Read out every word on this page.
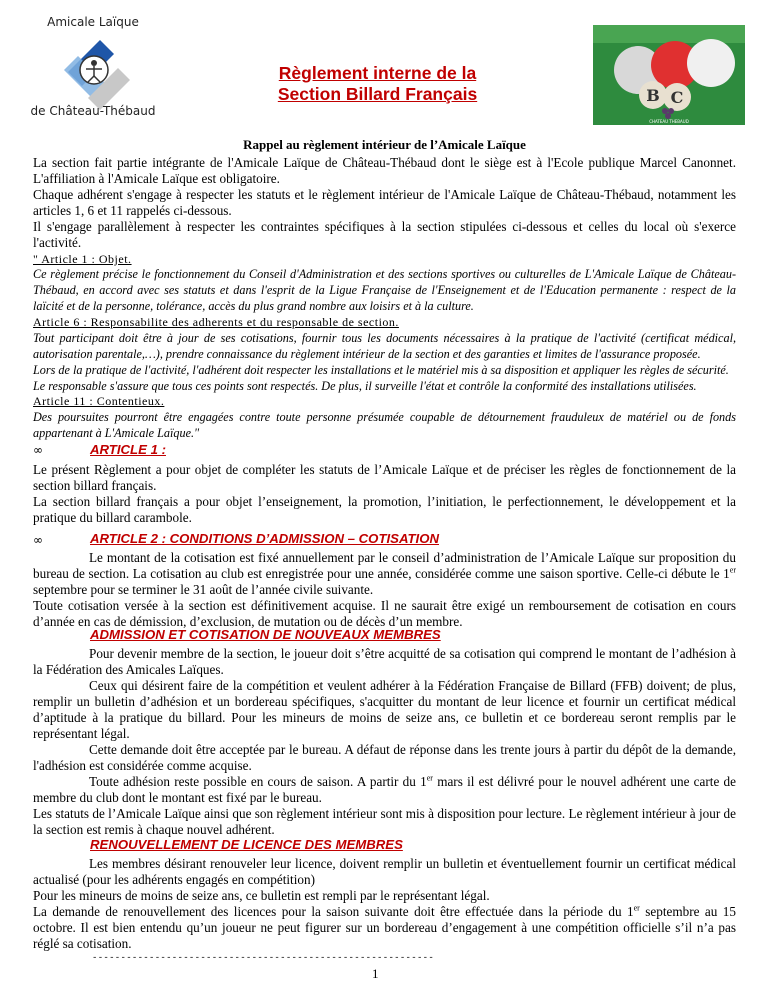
Amicale Laïque
de Château-Thébaud
Règlement interne de la
Section Billard Français	B C
CHATEAU THEBAUD
Rappel au règlement intérieur de l’Amicale Laïque
La section fait partie intégrante de l'Amicale Laïque de Château-Thébaud dont le siège est à l'Ecole publique Marcel Canonnet. L'affiliation à l'Amicale Laïque est obligatoire.
Chaque adhérent s'engage à respecter les statuts et le règlement intérieur de l'Amicale Laïque de Château-Thébaud, notamment les articles 1, 6 et 11 rappelés ci-dessous.
Il s'engage parallèlement à respecter les contraintes spécifiques à la section stipulées ci-dessous et celles du local où s'exerce l'activité.
" Article 1 : Objet.
Ce règlement précise le fonctionnement du Conseil d'Administration et des sections sportives ou culturelles de L'Amicale Laïque de Château-Thébaud, en accord avec ses statuts et dans l'esprit de la Ligue Française de l'Enseignement et de l'Education permanente : respect de la laïcité et de la personne, tolérance, accès du plus grand nombre aux loisirs et à la culture.
Article 6 : Responsabilite des adherents et du responsable de section.
Tout participant doit être à jour de ses cotisations, fournir tous les documents nécessaires à la pratique de l'activité (certificat médical, autorisation parentale,…), prendre connaissance du règlement intérieur de la section et des garanties et limites de l'assurance proposée.
Lors de la pratique de l'activité, l'adhérent doit respecter les installations et le matériel mis à sa disposition et appliquer les règles de sécurité.
Le responsable s'assure que tous ces points sont respectés. De plus, il surveille l'état et contrôle la conformité des installations utilisées.
Article 11 : Contentieux.
Des poursuites pourront être engagées contre toute personne présumée coupable de détournement frauduleux de matériel ou de fonds appartenant à L'Amicale Laïque."
∞	ARTICLE 1 :
Le présent Règlement a pour objet de compléter les statuts de l’Amicale Laïque et de préciser les règles de fonctionnement de la section billard français.
La section billard français a pour objet l’enseignement, la promotion, l’initiation, le perfectionnement, le développement et la pratique du billard carambole.
∞	ARTICLE 2 : CONDITIONS D’ADMISSION – COTISATION
Le montant de la cotisation est fixé annuellement par le conseil d’administration de l’Amicale Laïque sur proposition du bureau de section. La cotisation au club est enregistrée pour une année, considérée comme une saison sportive. Celle-ci débute le 1er septembre pour se terminer le 31 août de l’année civile suivante.
Toute cotisation versée à la section est définitivement acquise. Il ne saurait être exigé un remboursement de cotisation en cours d’année en cas de démission, d’exclusion, de mutation ou de décès d’un membre.
ADMISSION ET COTISATION DE NOUVEAUX MEMBRES
Pour devenir membre de la section, le joueur doit s’être acquitté de sa cotisation qui comprend le montant de l’adhésion à la Fédération des Amicales Laïques.
Ceux qui désirent faire de la compétition et veulent adhérer à la Fédération Française de Billard (FFB) doivent; de plus, remplir un bulletin d’adhésion et un bordereau spécifiques, s'acquitter du montant de leur licence et fournir un certificat médical d’aptitude à la pratique du billard. Pour les mineurs de moins de seize ans, ce bulletin et ce bordereau seront remplis par le représentant légal.
Cette demande doit être acceptée par le bureau. A défaut de réponse dans les trente jours à partir du dépôt de la demande, l'adhésion est considérée comme acquise.
Toute adhésion reste possible en cours de saison. A partir du 1er mars il est délivré pour le nouvel adhérent une carte de membre du club dont le montant est fixé par le bureau.
Les statuts de l’Amicale Laïque ainsi que son règlement intérieur sont mis à disposition pour lecture. Le règlement intérieur à jour de la section est remis à chaque nouvel adhérent.
RENOUVELLEMENT DE LICENCE DES MEMBRES
Les membres désirant renouveler leur licence, doivent remplir un bulletin et éventuellement fournir un certificat médical actualisé (pour les adhérents engagés en compétition)
Pour les mineurs de moins de seize ans, ce bulletin est rempli par le représentant légal.
La demande de renouvellement des licences pour la saison suivante doit être effectuée dans la période du 1er septembre au 15 octobre. Il est bien entendu qu’un joueur ne peut figurer sur un bordereau d’engagement à une compétition officielle s’il n’a pas réglé sa cotisation.
------------------------------------------------------------
1
